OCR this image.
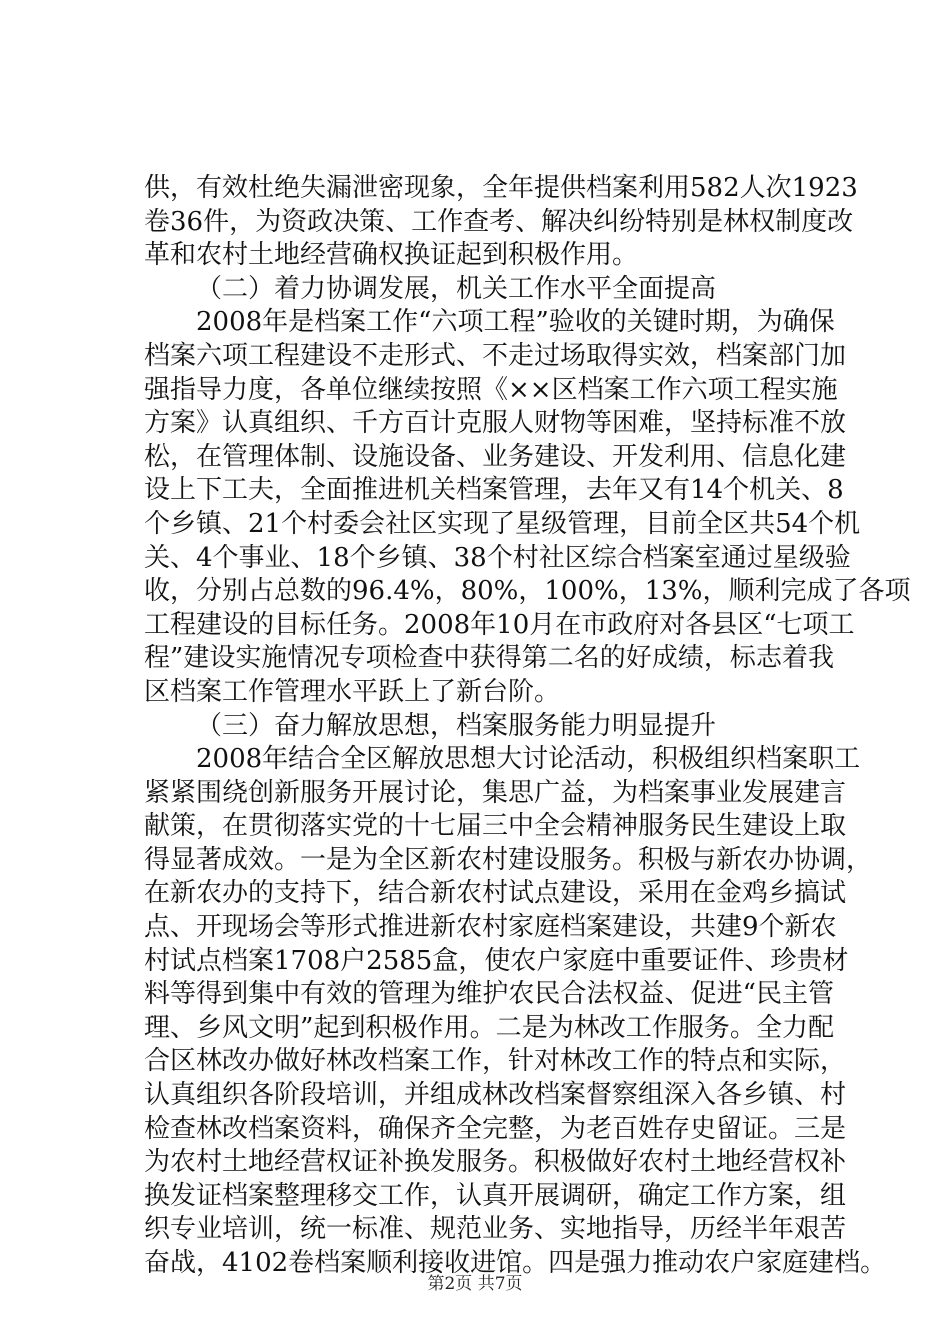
供，有效杜绝失漏泄密现象，全年提供档案利用582人次1923
卷36件，为资政决策、工作查考、解决纠纷特别是林权制度改
革和农村土地经营确权换证起到积极作用。
（二）着力协调发展，机关工作水平全面提高
2008年是档案工作“六项工程”验收的关键时期，为确保
档案六项工程建设不走形式、不走过场取得实效，档案部门加
强指导力度，各单位继续按照《××区档案工作六项工程实施
方案》认真组织、千方百计克服人财物等困难，坚持标准不放
松，在管理体制、设施设备、业务建设、开发利用、信息化建
设上下工夫，全面推进机关档案管理，去年又有14个机关、8
个乡镇、21个村委会社区实现了星级管理，目前全区共54个机
关、4个事业、18个乡镇、38个村社区综合档案室通过星级验
收，分别占总数的96.4%，80%，100%，13%，顺利完成了各项
工程建设的目标任务。2008年10月在市政府对各县区“七项工
程”建设实施情况专项检查中获得第二名的好成绩，标志着我
区档案工作管理水平跃上了新台阶。
（三）奋力解放思想，档案服务能力明显提升
2008年结合全区解放思想大讨论活动，积极组织档案职工
紧紧围绕创新服务开展讨论，集思广益，为档案事业发展建言
献策，在贯彻落实党的十七届三中全会精神服务民生建设上取
得显著成效。一是为全区新农村建设服务。积极与新农办协调，
在新农办的支持下，结合新农村试点建设，采用在金鸡乡搞试
点、开现场会等形式推进新农村家庭档案建设，共建9个新农
村试点档案1708户2585盒，使农户家庭中重要证件、珍贵材
料等得到集中有效的管理为维护农民合法权益、促进“民主管
理、乡风文明”起到积极作用。二是为林改工作服务。全力配
合区林改办做好林改档案工作，针对林改工作的特点和实际，
认真组织各阶段培训，并组成林改档案督察组深入各乡镇、村
检查林改档案资料，确保齐全完整，为老百姓存史留证。三是
为农村土地经营权证补换发服务。积极做好农村土地经营权补
换发证档案整理移交工作，认真开展调研，确定工作方案，组
织专业培训，统一标准、规范业务、实地指导，历经半年艰苦
奋战，4102卷档案顺利接收进馆。四是强力推动农户家庭建档。
第2页 共7页
